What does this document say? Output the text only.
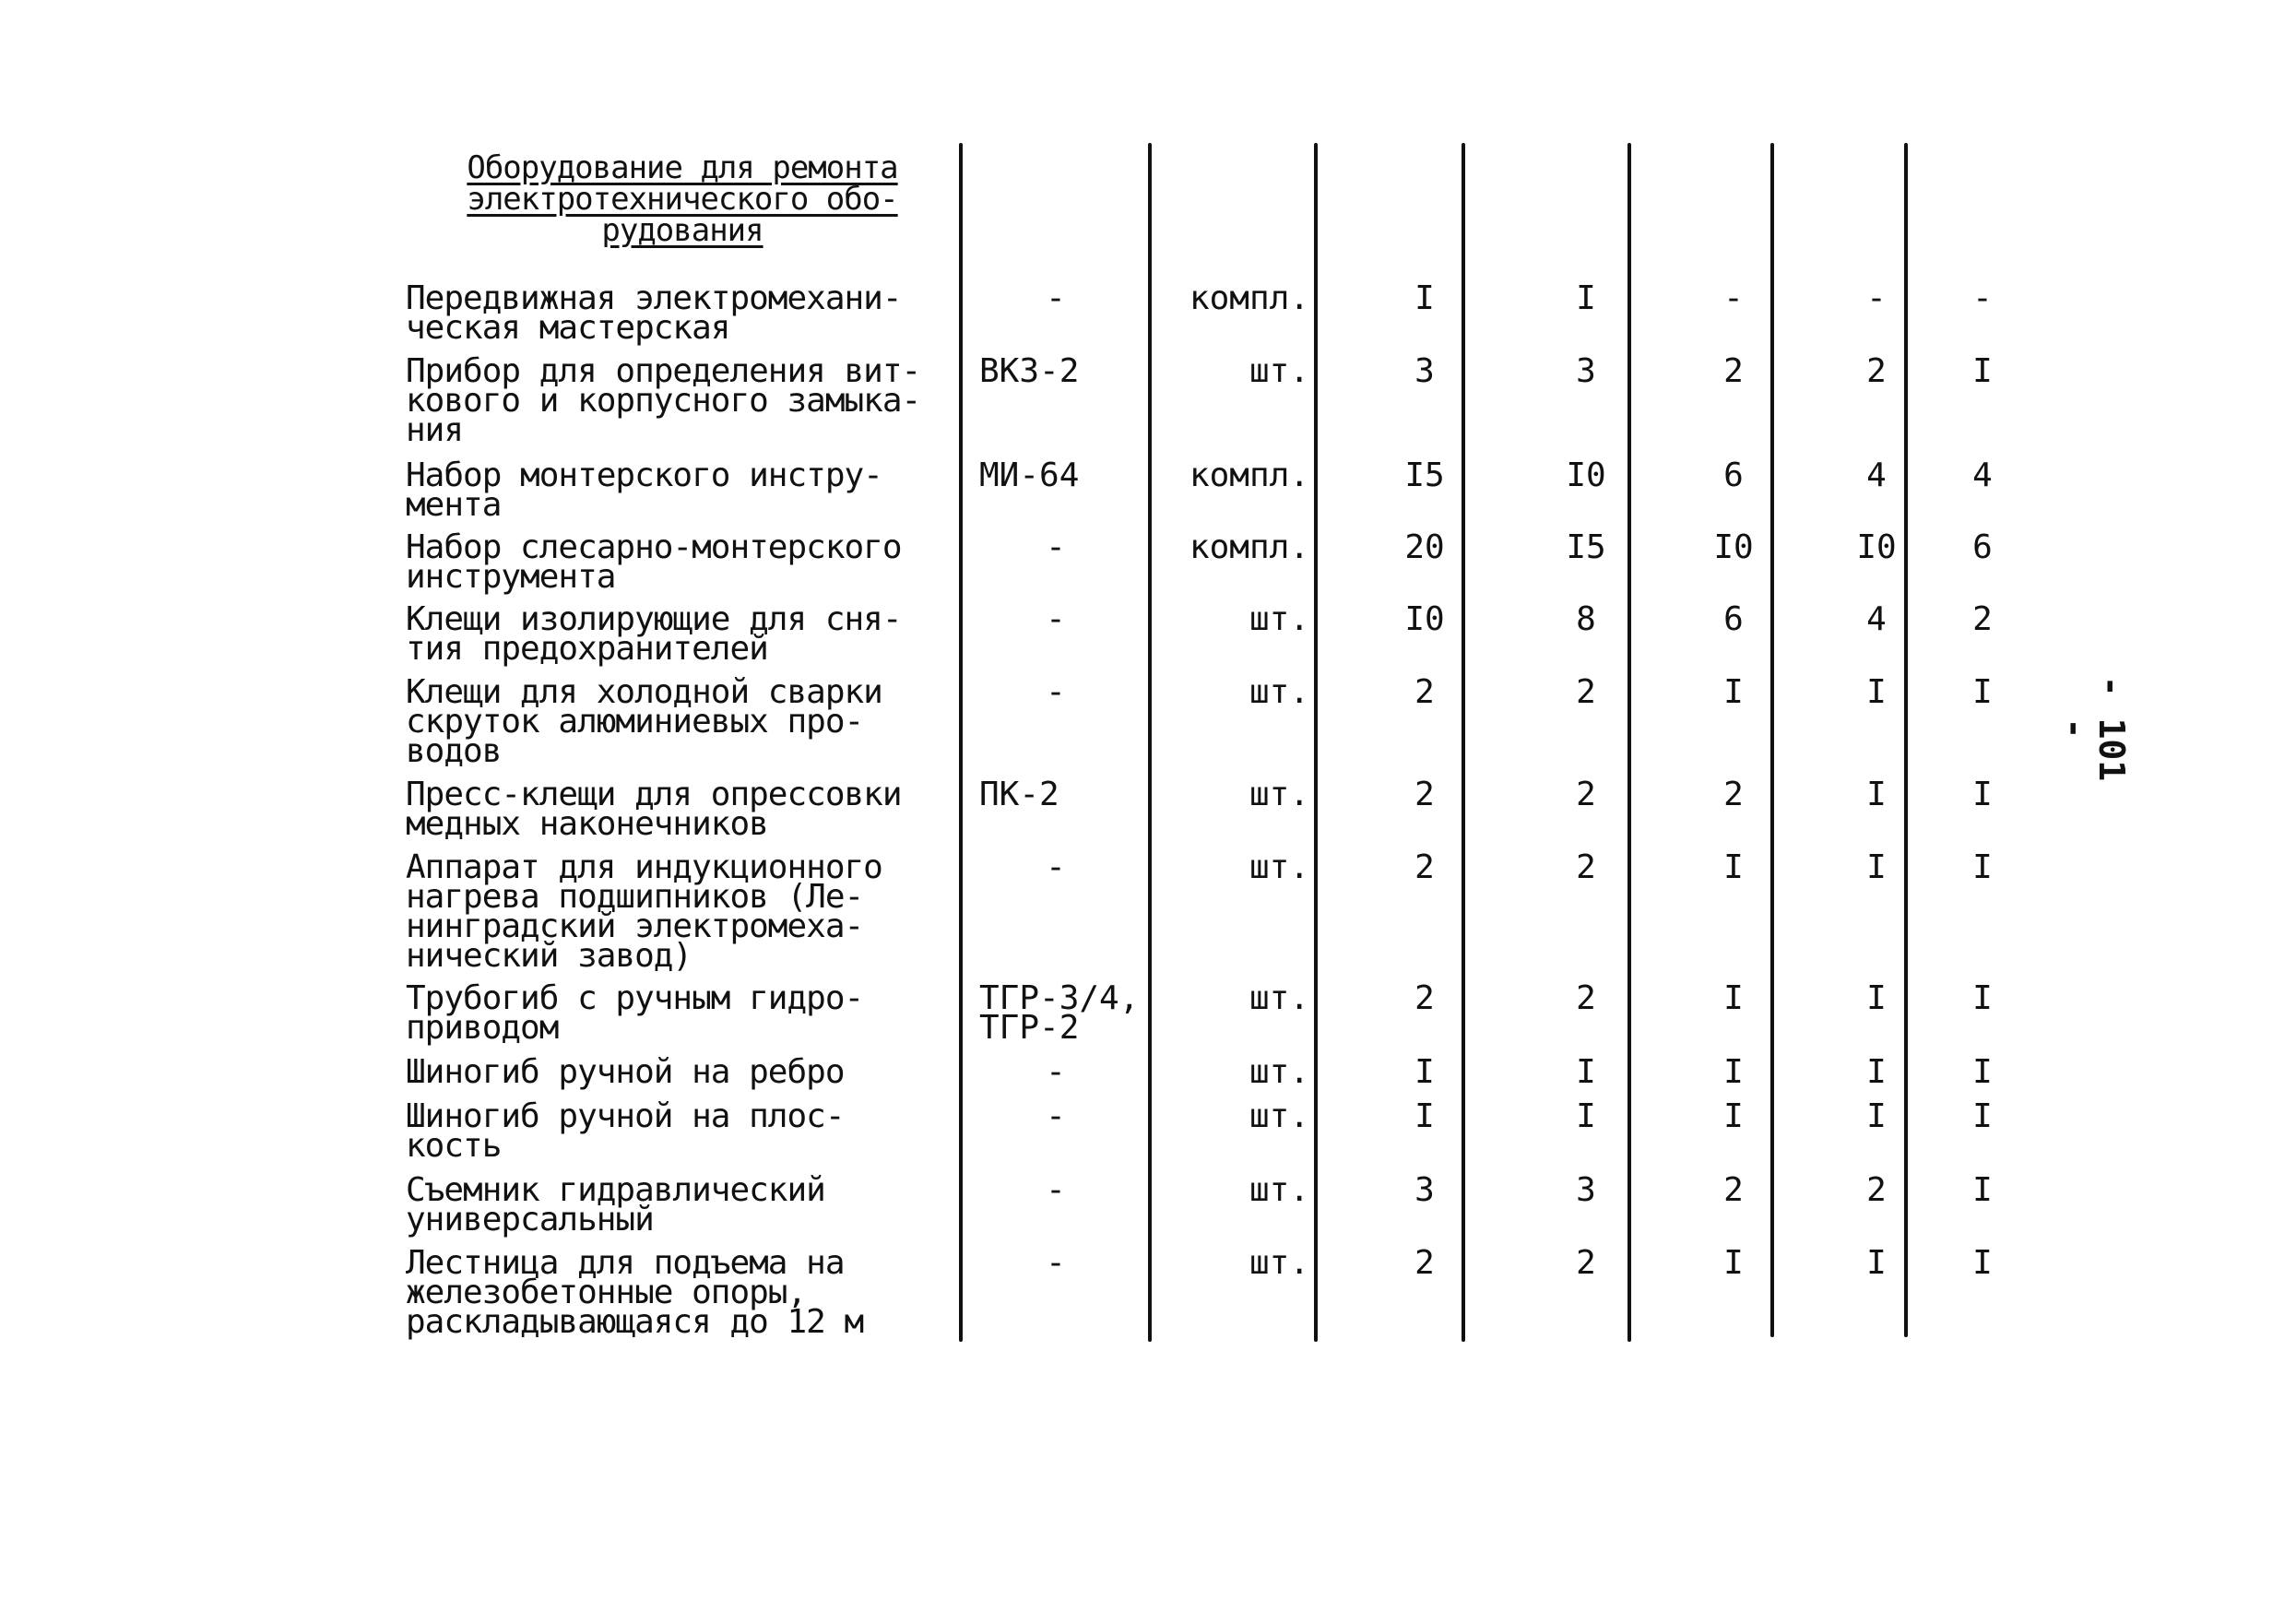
Оборудование для ремонта
электротехнического обо-
рудования
Передвижная электромехани-
ческая мастерская
-	компл.	I	I	-	-	-
Прибор для определения вит-
кового и корпусного замыка-
ния
ВКЗ-2	шт.	3	3	2	2	I
Набор монтерского инстру-
мента
МИ-64	компл.	I5	I0	6	4	4
Набор слесарно-монтерского
инструмента
-	компл.	20	I5	I0	I0	6
Клещи изолирующие для сня-
тия предохранителей
-	шт.	I0	8	6	4	2
Клещи для холодной сварки
скруток алюминиевых про-
водов
-	шт.	2	2	I	I	I
Пресс-клещи для опрессовки
медных наконечников
ПК-2	шт.	2	2	2	I	I
Аппарат для индукционного
нагрева подшипников (Ле-
нинградский электромеха-
нический завод)
-	шт.	2	2	I	I	I
Трубогиб с ручным гидро-
приводом
ТГР-3/4,
ТГР-2
шт.	2	2	I	I	I
Шиногиб ручной на ребро	-	шт.	I	I	I	I	I
Шиногиб ручной на плос-
кость
-	шт.	I	I	I	I	I
Съемник гидравлический
универсальный
-	шт.	3	3	2	2	I
Лестница для подъема на
железобетонные опоры,
раскладывающаяся до 12 м
-	шт.	2	2	I	I	I
- 101 -
